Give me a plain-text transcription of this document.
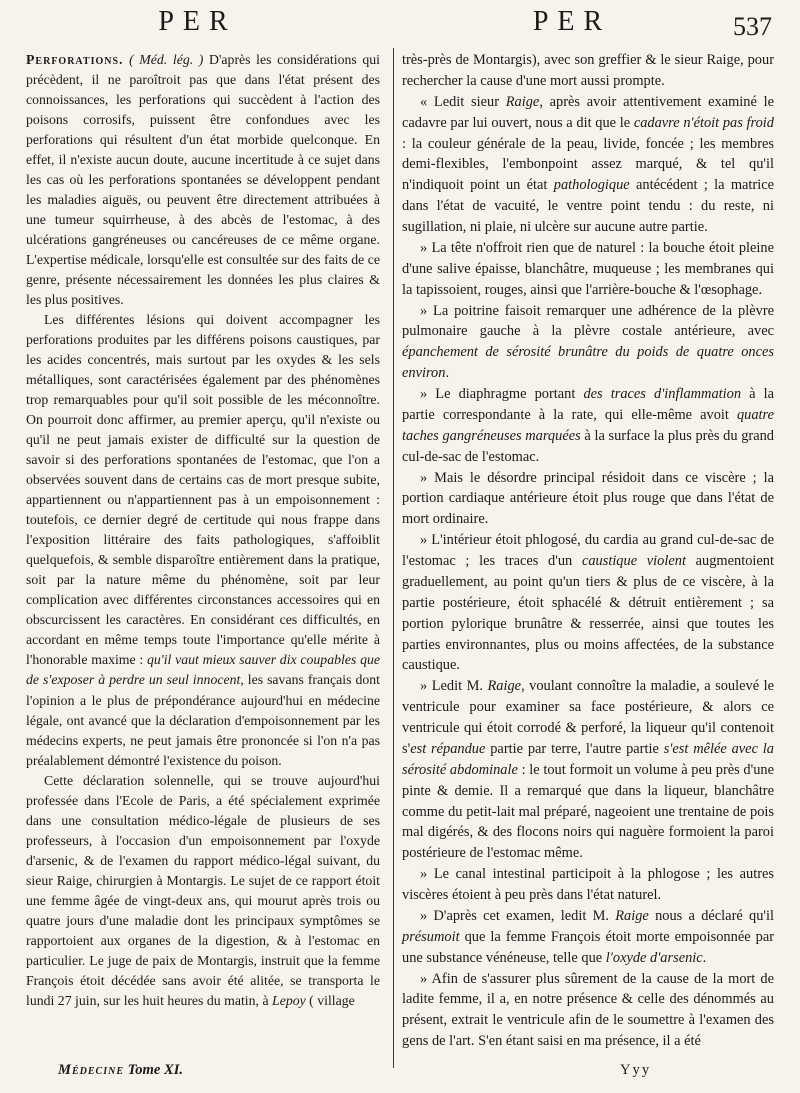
PER	PER	537

Perforations. ( Méd. lég. ) D'après les considérations qui précèdent, il ne paroîtroit pas que dans l'état présent des connoissances, les perforations qui succèdent à l'action des poisons corrosifs, puissent être confondues avec les perforations qui résultent d'un état morbide quelconque. En effet, il n'existe aucun doute, aucune incertitude à ce sujet dans les cas où les perforations spontanées se développent pendant les maladies aiguës, ou peuvent être directement attribuées à une tumeur squirrheuse, à des abcès de l'estomac, à des ulcérations gangréneuses ou cancéreuses de ce même organe. L'expertise médicale, lorsqu'elle est consultée sur des faits de ce genre, présente nécessairement les données les plus claires & les plus positives.

Les différentes lésions qui doivent accompagner les perforations produites par les différens poisons caustiques, par les acides concentrés, mais surtout par les oxydes & les sels métalliques, sont caractérisées également par des phénomènes trop remarquables pour qu'il soit possible de les méconnoître. On pourroit donc affirmer, au premier aperçu, qu'il n'existe ou qu'il ne peut jamais exister de difficulté sur la question de savoir si des perforations spontanées de l'estomac, que l'on a observées souvent dans de certains cas de mort presque subite, appartiennent ou n'appartiennent pas à un empoisonnement : toutefois, ce dernier degré de certitude qui nous frappe dans l'exposition littéraire des faits pathologiques, s'affoiblit quelquefois, & semble disparoître entièrement dans la pratique, soit par la nature même du phénomène, soit par leur complication avec différentes circonstances accessoires qui en obscurcissent les caractères. En considérant ces difficultés, en accordant en même temps toute l'importance qu'elle mérite à l'honorable maxime : qu'il vaut mieux sauver dix coupables que de s'exposer à perdre un seul innocent, les savans français dont l'opinion a le plus de prépondérance aujourd'hui en médecine légale, ont avancé que la déclaration d'empoisonnement par les médecins experts, ne peut jamais être prononcée si l'on n'a pas préalablement démontré l'existence du poison.

Cette déclaration solennelle, qui se trouve aujourd'hui professée dans l'Ecole de Paris, a été spécialement exprimée dans une consultation médico-légale de plusieurs de ses professeurs, à l'occasion d'un empoisonnement par l'oxyde d'arsenic, & de l'examen du rapport médico-légal suivant, du sieur Raige, chirurgien à Montargis. Le sujet de ce rapport étoit une femme âgée de vingt-deux ans, qui mourut après trois ou quatre jours d'une maladie dont les principaux symptômes se rapportoient aux organes de la digestion, & à l'estomac en particulier. Le juge de paix de Montargis, instruit que la femme François étoit décédée sans avoir été alitée, se transporta le lundi 27 juin, sur les huit heures du matin, à Lepoy ( village

très-près de Montargis), avec son greffier & le sieur Raige, pour rechercher la cause d'une mort aussi prompte.

« Ledit sieur Raige, après avoir attentivement examiné le cadavre par lui ouvert, nous a dit que le cadavre n'étoit pas froid : la couleur générale de la peau, livide, foncée ; les membres demi-flexibles, l'embonpoint assez marqué, & tel qu'il n'indiquoit point un état pathologique antécédent ; la matrice dans l'état de vacuité, le ventre point tendu : du reste, ni sugillation, ni plaie, ni ulcère sur aucune autre partie.

» La tête n'offroit rien que de naturel : la bouche étoit pleine d'une salive épaisse, blanchâtre, muqueuse ; les membranes qui la tapissoient, rouges, ainsi que l'arrière-bouche & l'œsophage.

» La poitrine faisoit remarquer une adhérence de la plèvre pulmonaire gauche à la plèvre costale antérieure, avec épanchement de sérosité brunâtre du poids de quatre onces environ.

» Le diaphragme portant des traces d'inflammation à la partie correspondante à la rate, qui elle-même avoit quatre taches gangréneuses marquées à la surface la plus près du grand cul-de-sac de l'estomac.

» Mais le désordre principal résidoit dans ce viscère ; la portion cardiaque antérieure étoit plus rouge que dans l'état de mort ordinaire.

» L'intérieur étoit phlogosé, du cardia au grand cul-de-sac de l'estomac ; les traces d'un caustique violent augmentoient graduellement, au point qu'un tiers & plus de ce viscère, à la partie postérieure, étoit sphacélé & détruit entièrement ; sa portion pylorique brunâtre & resserrée, ainsi que toutes les parties environnantes, plus ou moins affectées, de la substance caustique.

» Ledit M. Raige, voulant connoître la maladie, a soulevé le ventricule pour examiner sa face postérieure, & alors ce ventricule qui étoit corrodé & perforé, la liqueur qu'il contenoit s'est répandue partie par terre, l'autre partie s'est mêlée avec la sérosité abdominale : le tout formoit un volume à peu près d'une pinte & demie. Il a remarqué que dans la liqueur, blanchâtre comme du petit-lait mal préparé, nageoient une trentaine de pois mal digérés, & des flocons noirs qui naguère formoient la paroi postérieure de l'estomac même.

» Le canal intestinal participoit à la phlogose ; les autres viscères étoient à peu près dans l'état naturel.

» D'après cet examen, ledit M. Raige nous a déclaré qu'il présumoit que la femme François étoit morte empoisonnée par une substance vénéneuse, telle que l'oxyde d'arsenic.

» Afin de s'assurer plus sûrement de la cause de la mort de ladite femme, il a, en notre présence & celle des dénommés au présent, extrait le ventricule afin de le soumettre à l'examen des gens de l'art. S'en étant saisi en ma présence, il a été

Médecine Tome XI.	Yyy
